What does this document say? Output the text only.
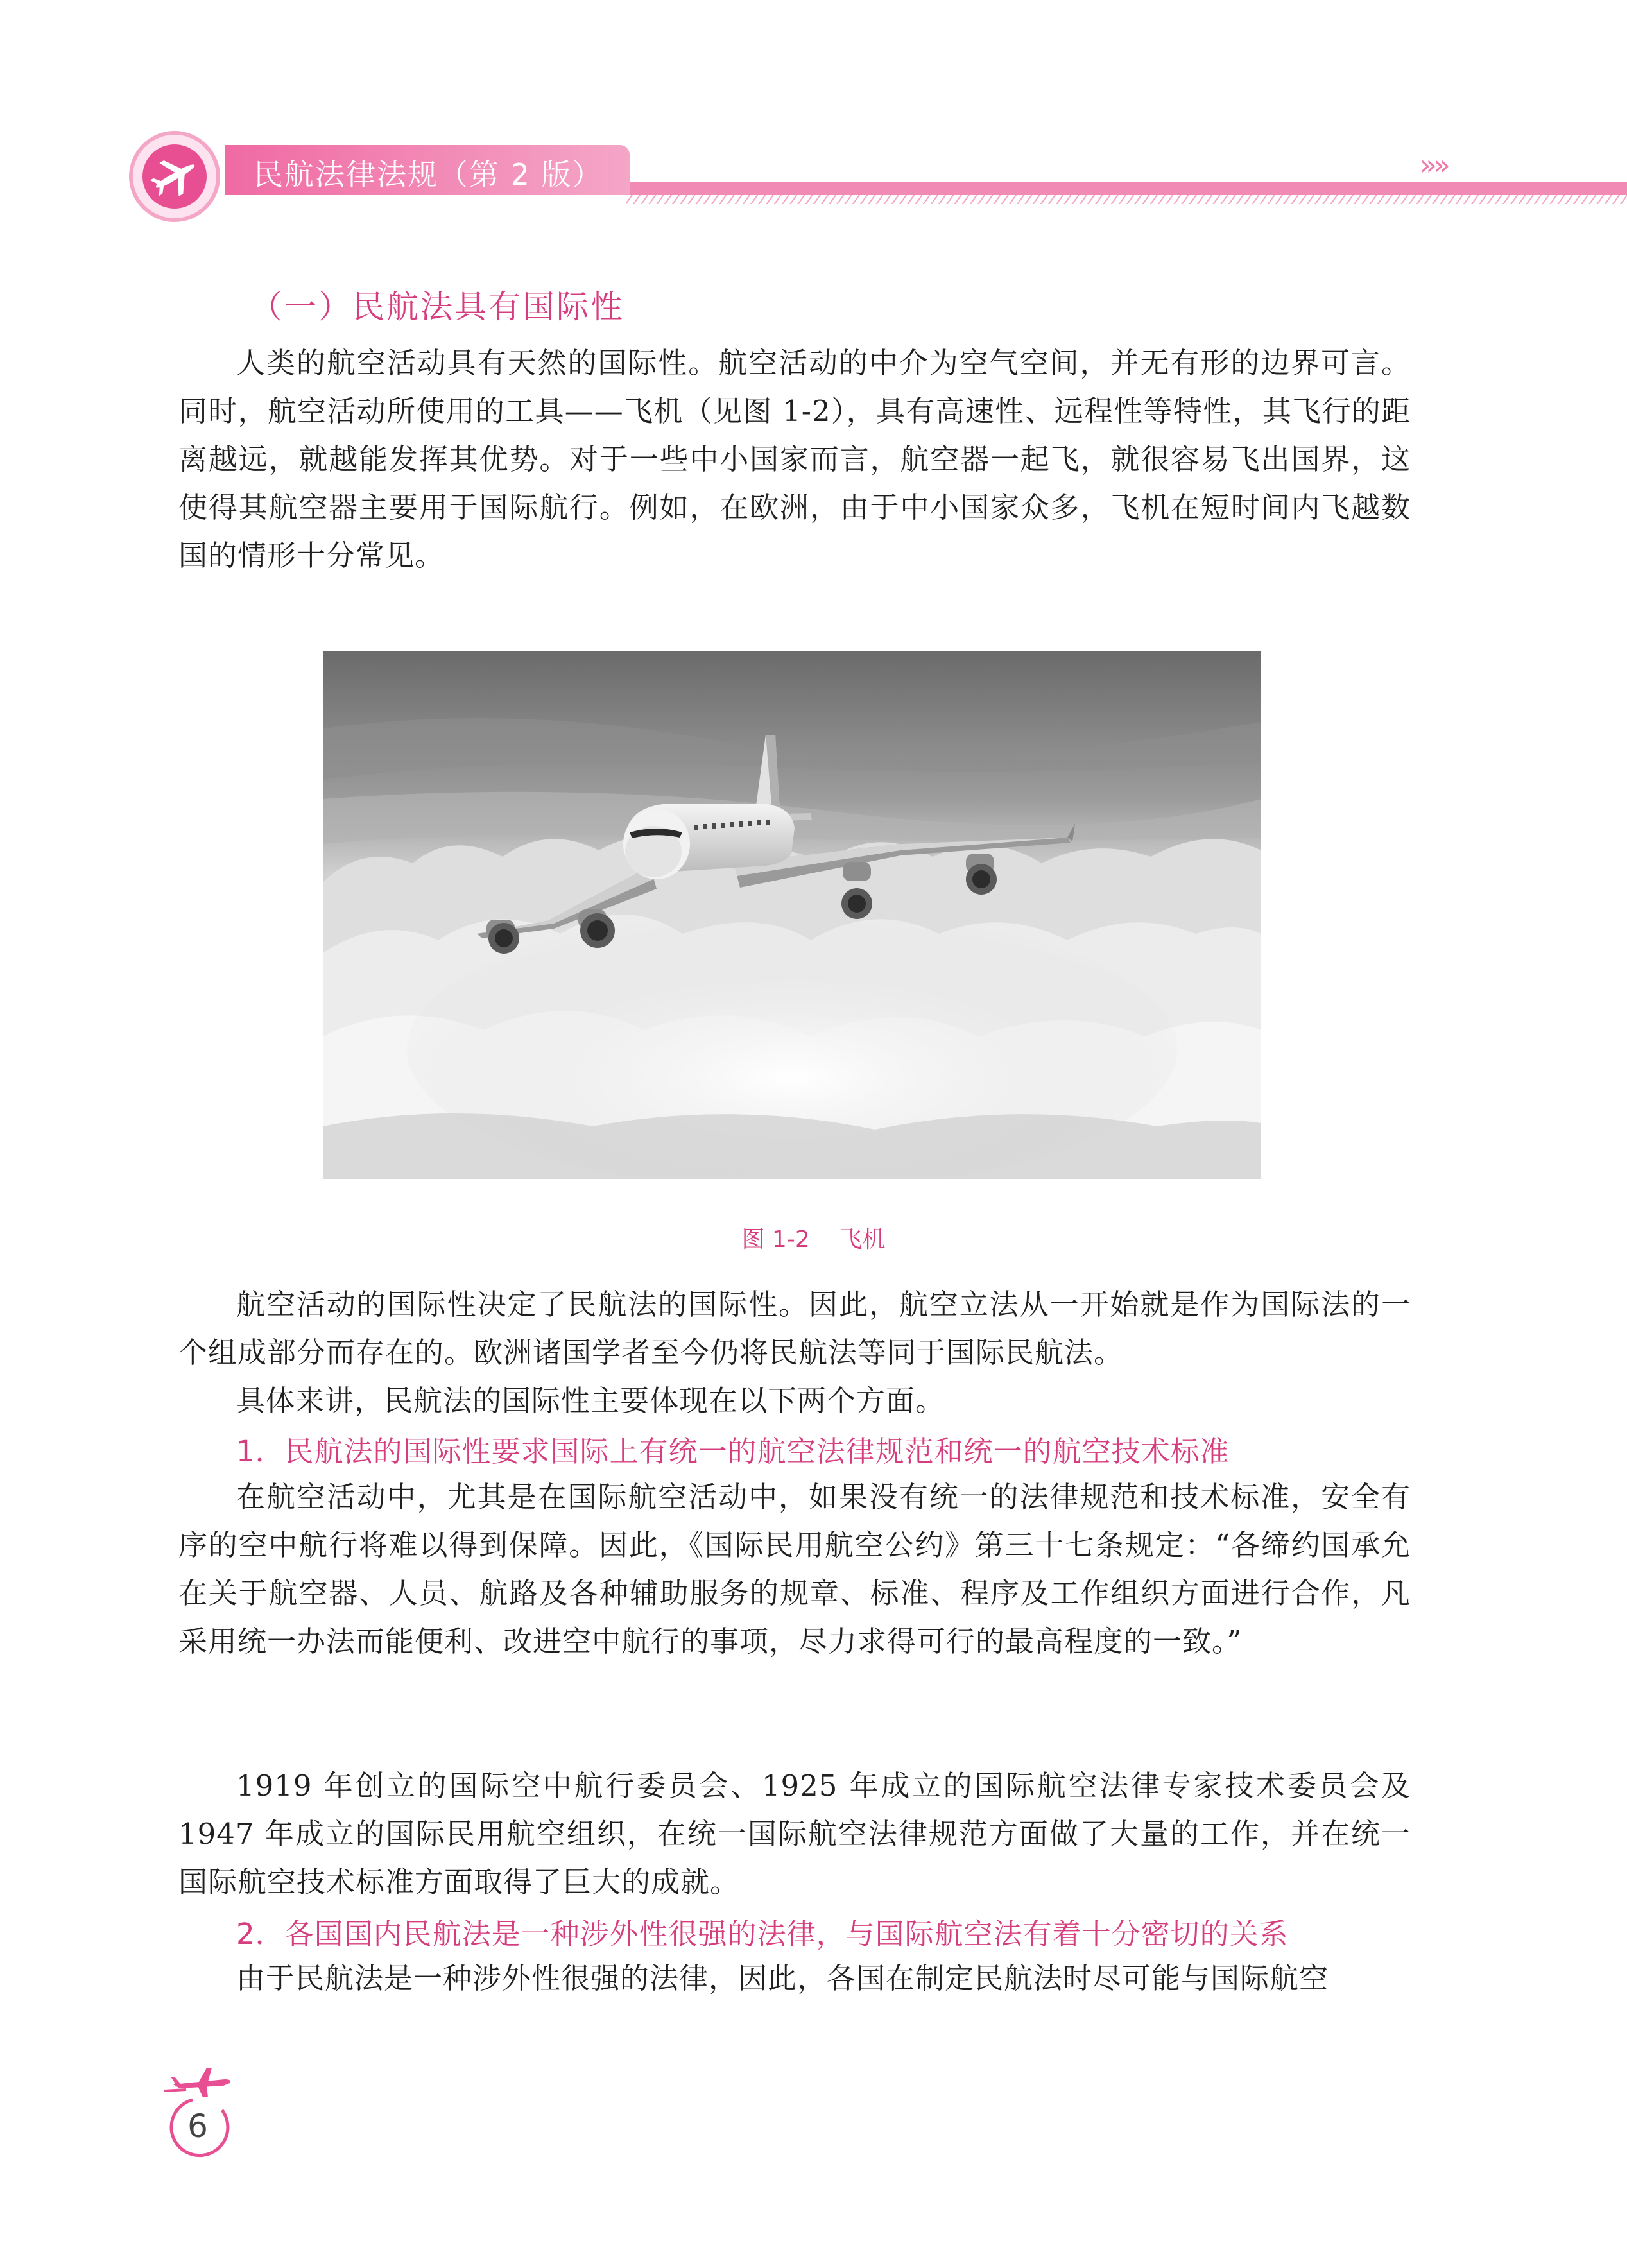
民航法律法规（第 2 版）	»»
（一）民航法具有国际性

人类的航空活动具有天然的国际性。航空活动的中介为空气空间，并无有形的边界可言。同时，航空活动所使用的工具——飞机（见图 1-2），具有高速性、远程性等特性，其飞行的距离越远，就越能发挥其优势。对于一些中小国家而言，航空器一起飞，就很容易飞出国界，这使得其航空器主要用于国际航行。例如，在欧洲，由于中小国家众多，飞机在短时间内飞越数国的情形十分常见。

图 1-2    飞机

航空活动的国际性决定了民航法的国际性。因此，航空立法从一开始就是作为国际法的一个组成部分而存在的。欧洲诸国学者至今仍将民航法等同于国际民航法。

具体来讲，民航法的国际性主要体现在以下两个方面。

1．民航法的国际性要求国际上有统一的航空法律规范和统一的航空技术标准

在航空活动中，尤其是在国际航空活动中，如果没有统一的法律规范和技术标准，安全有序的空中航行将难以得到保障。因此，《国际民用航空公约》第三十七条规定：“各缔约国承允在关于航空器、人员、航路及各种辅助服务的规章、标准、程序及工作组织方面进行合作，凡采用统一办法而能便利、改进空中航行的事项，尽力求得可行的最高程度的一致。”

1919 年创立的国际空中航行委员会、1925 年成立的国际航空法律专家技术委员会及 1947 年成立的国际民用航空组织，在统一国际航空法律规范方面做了大量的工作，并在统一国际航空技术标准方面取得了巨大的成就。

2．各国国内民航法是一种涉外性很强的法律，与国际航空法有着十分密切的关系

由于民航法是一种涉外性很强的法律，因此，各国在制定民航法时尽可能与国际航空

6
